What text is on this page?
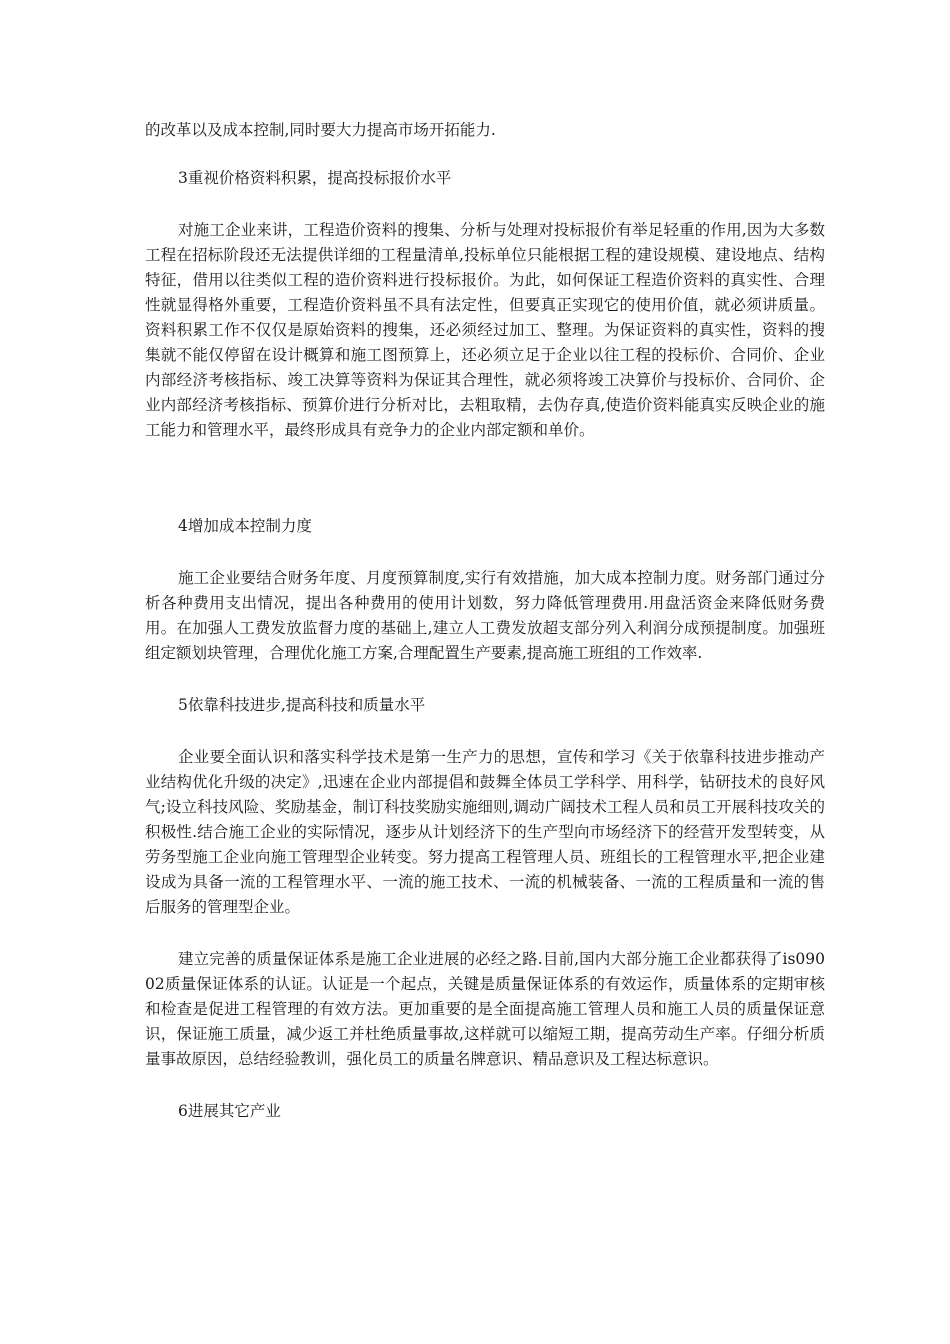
的改革以及成本控制,同时要大力提高市场开拓能力.

3重视价格资料积累，提高投标报价水平

对施工企业来讲，工程造价资料的搜集、分析与处理对投标报价有举足轻重的作用,因为大多数工程在招标阶段还无法提供详细的工程量清单,投标单位只能根据工程的建设规模、建设地点、结构特征，借用以往类似工程的造价资料进行投标报价。为此，如何保证工程造价资料的真实性、合理性就显得格外重要，工程造价资料虽不具有法定性，但要真正实现它的使用价值，就必须讲质量。资料积累工作不仅仅是原始资料的搜集，还必须经过加工、整理。为保证资料的真实性，资料的搜集就不能仅停留在设计概算和施工图预算上，还必须立足于企业以往工程的投标价、合同价、企业内部经济考核指标、竣工决算等资料为保证其合理性，就必须将竣工决算价与投标价、合同价、企业内部经济考核指标、预算价进行分析对比，去粗取精，去伪存真,使造价资料能真实反映企业的施工能力和管理水平，最终形成具有竞争力的企业内部定额和单价。

4增加成本控制力度

施工企业要结合财务年度、月度预算制度,实行有效措施，加大成本控制力度。财务部门通过分析各种费用支出情况，提出各种费用的使用计划数，努力降低管理费用.用盘活资金来降低财务费用。在加强人工费发放监督力度的基础上,建立人工费发放超支部分列入利润分成预提制度。加强班组定额划块管理，合理优化施工方案,合理配置生产要素,提高施工班组的工作效率.

5依靠科技进步,提高科技和质量水平

企业要全面认识和落实科学技术是第一生产力的思想，宣传和学习《关于依靠科技进步推动产业结构优化升级的决定》,迅速在企业内部提倡和鼓舞全体员工学科学、用科学，钻研技术的良好风气;设立科技风险、奖励基金，制订科技奖励实施细则,调动广阔技术工程人员和员工开展科技攻关的积极性.结合施工企业的实际情况，逐步从计划经济下的生产型向市场经济下的经营开发型转变，从劳务型施工企业向施工管理型企业转变。努力提高工程管理人员、班组长的工程管理水平,把企业建设成为具备一流的工程管理水平、一流的施工技术、一流的机械装备、一流的工程质量和一流的售后服务的管理型企业。

建立完善的质量保证体系是施工企业进展的必经之路.目前,国内大部分施工企业都获得了is09002质量保证体系的认证。认证是一个起点，关键是质量保证体系的有效运作，质量体系的定期审核和检查是促进工程管理的有效方法。更加重要的是全面提高施工管理人员和施工人员的质量保证意识，保证施工质量，减少返工并杜绝质量事故,这样就可以缩短工期，提高劳动生产率。仔细分析质量事故原因，总结经验教训，强化员工的质量名牌意识、精品意识及工程达标意识。

6进展其它产业
